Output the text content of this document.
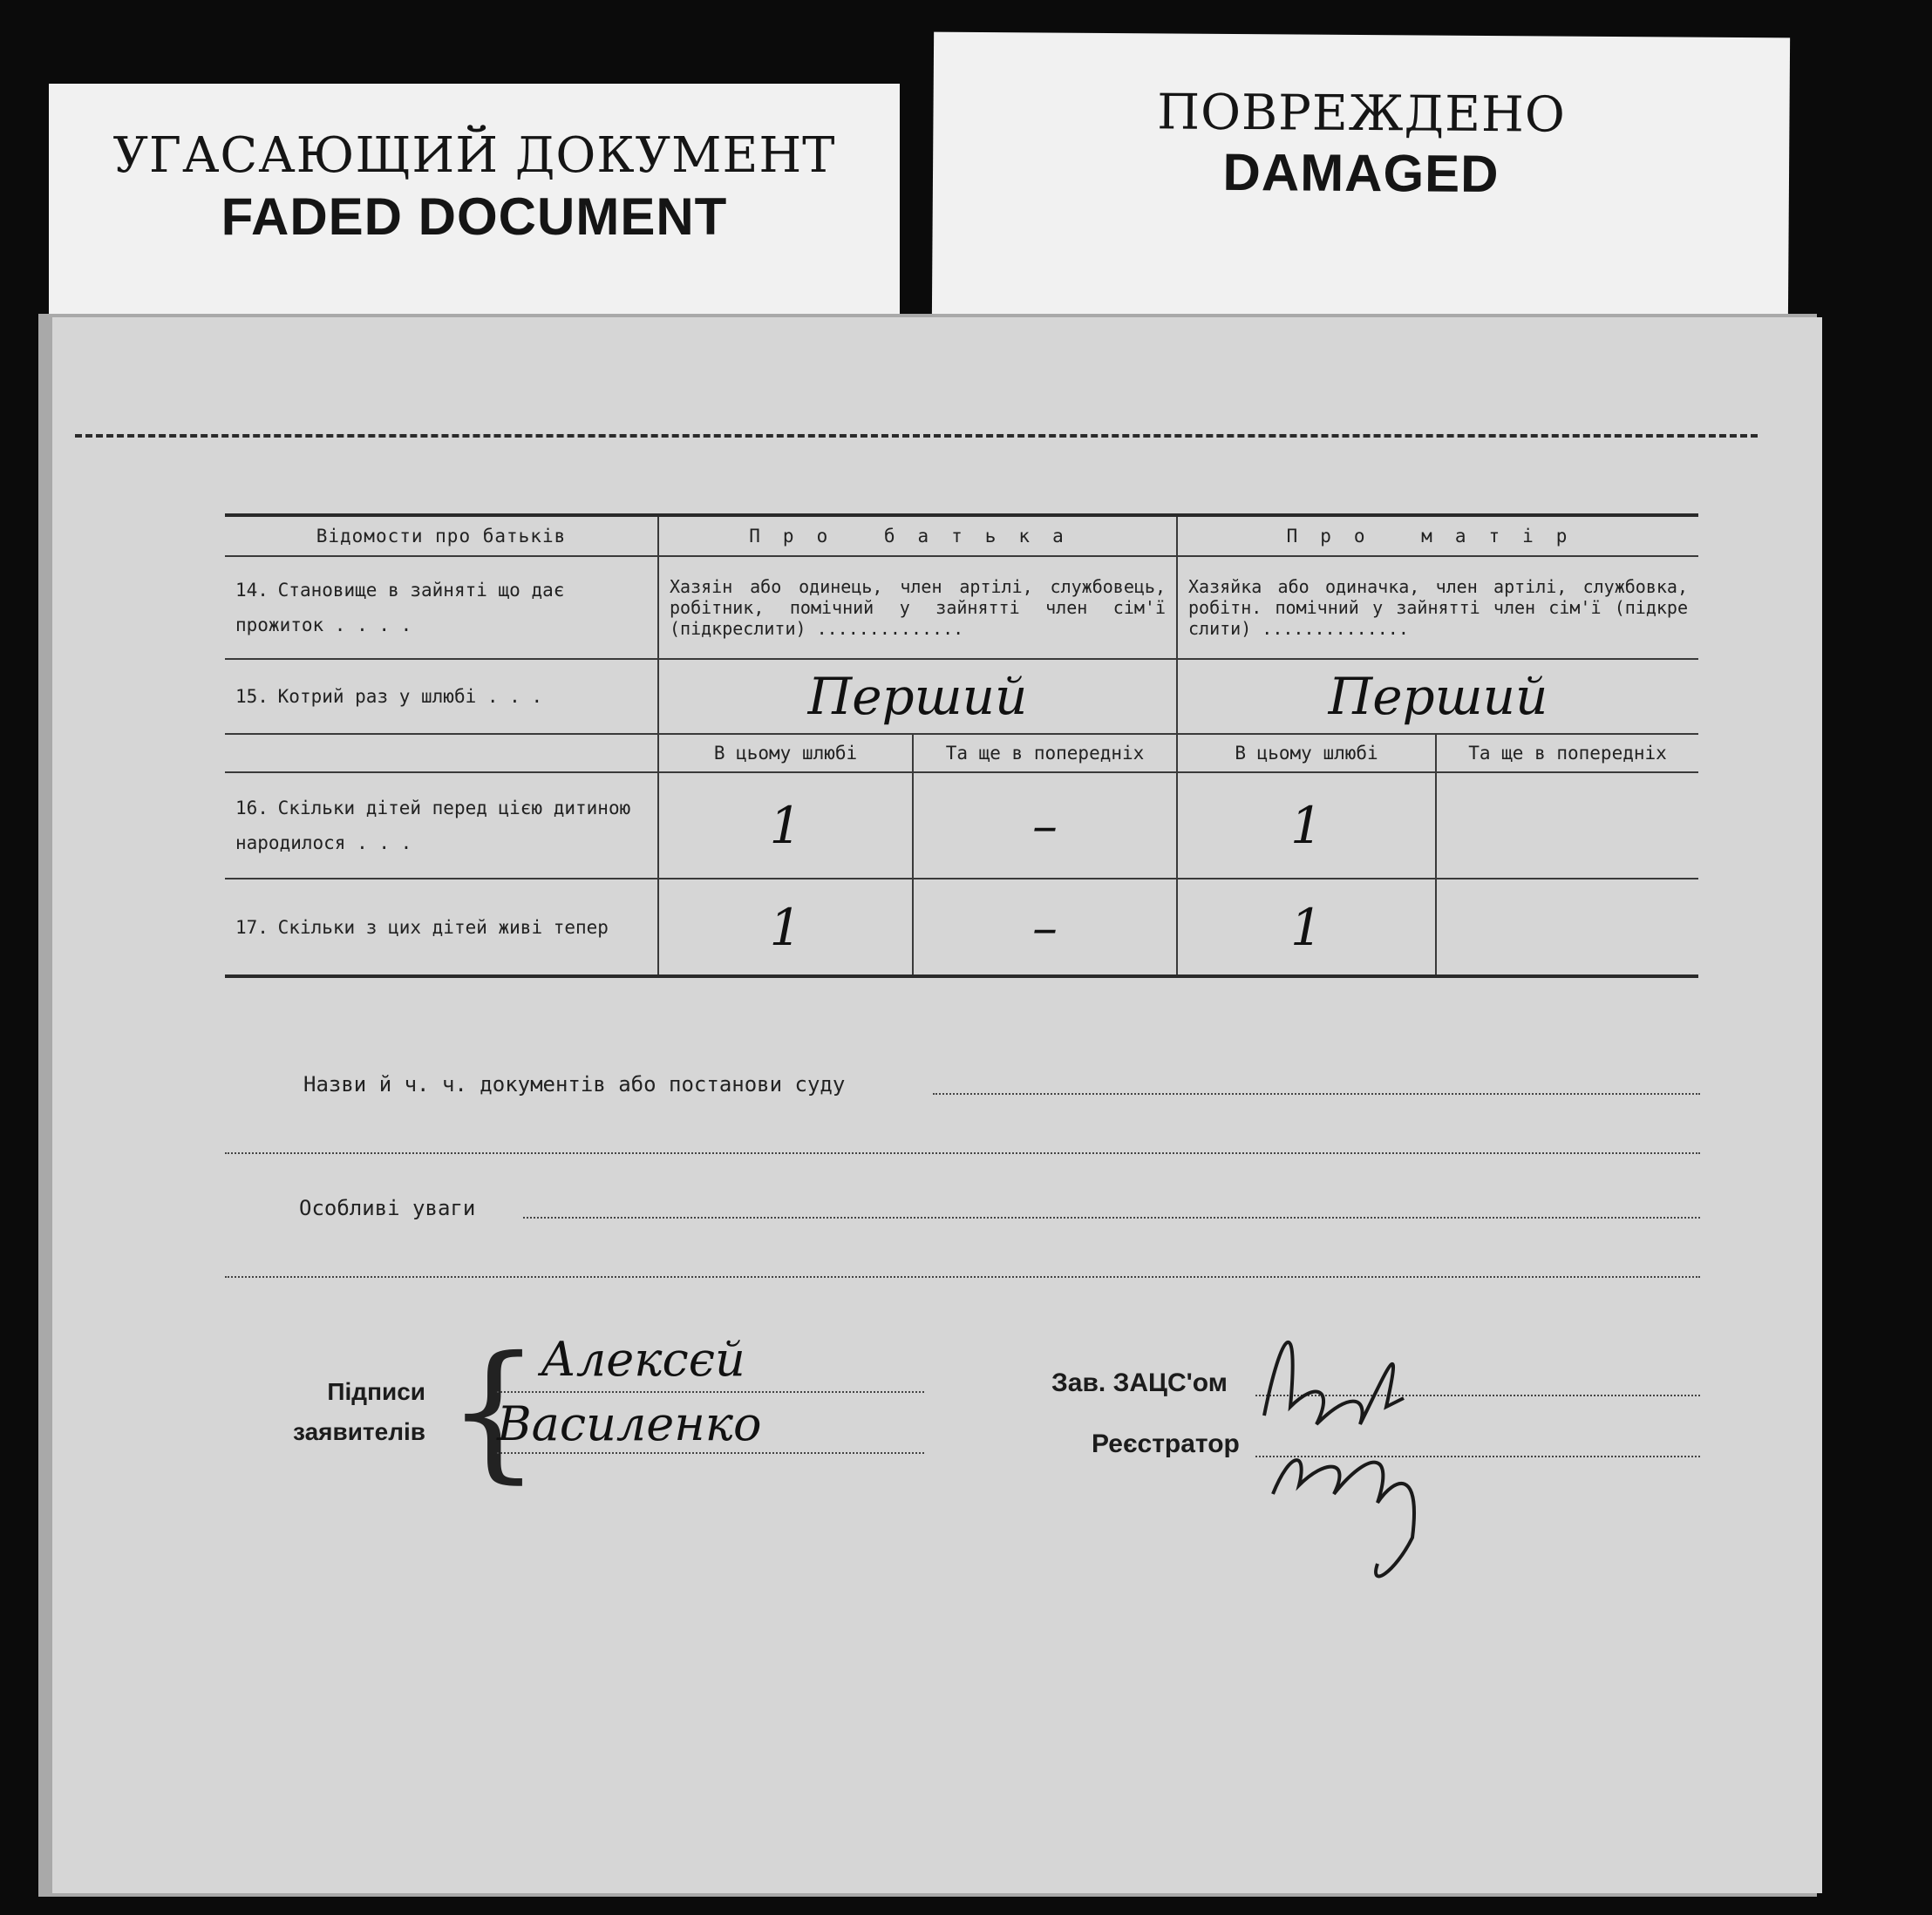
УГАСАЮЩИЙ ДОКУМЕНТ
FADED DOCUMENT
ПОВРЕЖДЕНО
DAMAGED
Відомости про батьків	Про батька		Про матір	
14. Становище в зайняті що дає прожиток . . . .	Хазяін або одинець, член артілі, службовець, робітник, помічний у зайнятті член сім'ї (підкреслити) ..............		Хазяйка або одиначка, член артілі, службовка, робітн. помічний у зайнятті член сім'ї (підкре слити) ..............	
15. Котрий раз у шлюбі . . .	Перший		Перший	
	В цьому шлюбі	Та ще в попередніх	В цьому шлюбі	Та ще в попередніх
16. Скільки дітей перед цією дитиною народилося . . .	1	–	1	
17. Скільки з цих дітей живі тепер	1	–	1	
Назви й ч. ч. документів або постанови суду
Особливі уваги
Підписи
заявителів { Алексєй
Василенко
Зав. ЗАЦС'ом
Реєстратор
